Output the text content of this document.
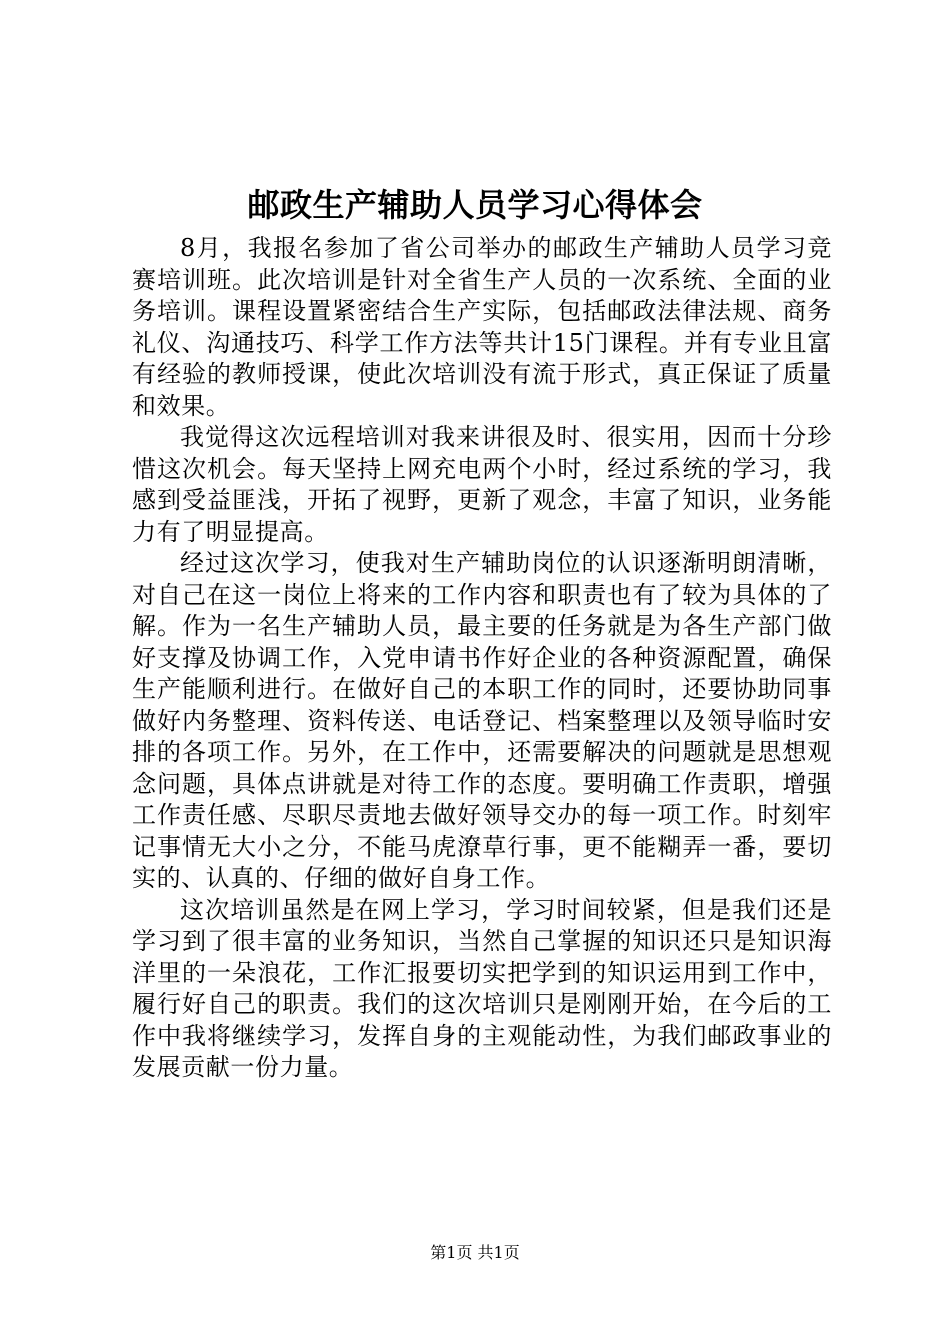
邮政生产辅助人员学习心得体会

8月，我报名参加了省公司举办的邮政生产辅助人员学习竞赛培训班。此次培训是针对全省生产人员的一次系统、全面的业务培训。课程设置紧密结合生产实际，包括邮政法律法规、商务礼仪、沟通技巧、科学工作方法等共计15门课程。并有专业且富有经验的教师授课，使此次培训没有流于形式，真正保证了质量和效果。

我觉得这次远程培训对我来讲很及时、很实用，因而十分珍惜这次机会。每天坚持上网充电两个小时，经过系统的学习，我感到受益匪浅，开拓了视野，更新了观念，丰富了知识，业务能力有了明显提高。

经过这次学习，使我对生产辅助岗位的认识逐渐明朗清晰，对自己在这一岗位上将来的工作内容和职责也有了较为具体的了解。作为一名生产辅助人员，最主要的任务就是为各生产部门做好支撑及协调工作，入党申请书作好企业的各种资源配置，确保生产能顺利进行。在做好自己的本职工作的同时，还要协助同事做好内务整理、资料传送、电话登记、档案整理以及领导临时安排的各项工作。另外，在工作中，还需要解决的问题就是思想观念问题，具体点讲就是对待工作的态度。要明确工作责职，增强工作责任感、尽职尽责地去做好领导交办的每一项工作。时刻牢记事情无大小之分，不能马虎潦草行事，更不能糊弄一番，要切实的、认真的、仔细的做好自身工作。

这次培训虽然是在网上学习，学习时间较紧，但是我们还是学习到了很丰富的业务知识，当然自己掌握的知识还只是知识海洋里的一朵浪花，工作汇报要切实把学到的知识运用到工作中，履行好自己的职责。我们的这次培训只是刚刚开始，在今后的工作中我将继续学习，发挥自身的主观能动性，为我们邮政事业的发展贡献一份力量。

第1页 共1页
